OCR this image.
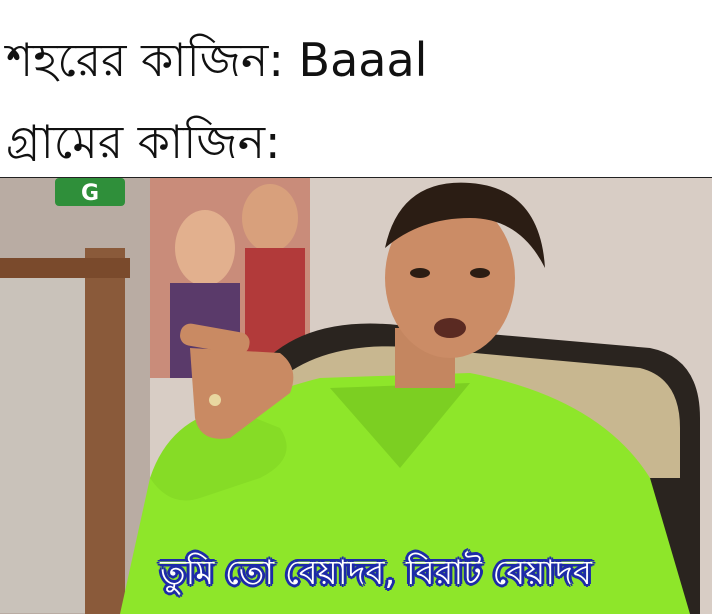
শহরের কাজিন: Baaal
গ্রামের কাজিন:
G
তুমি তো বেয়াদব, বিরাট বেয়াদব
